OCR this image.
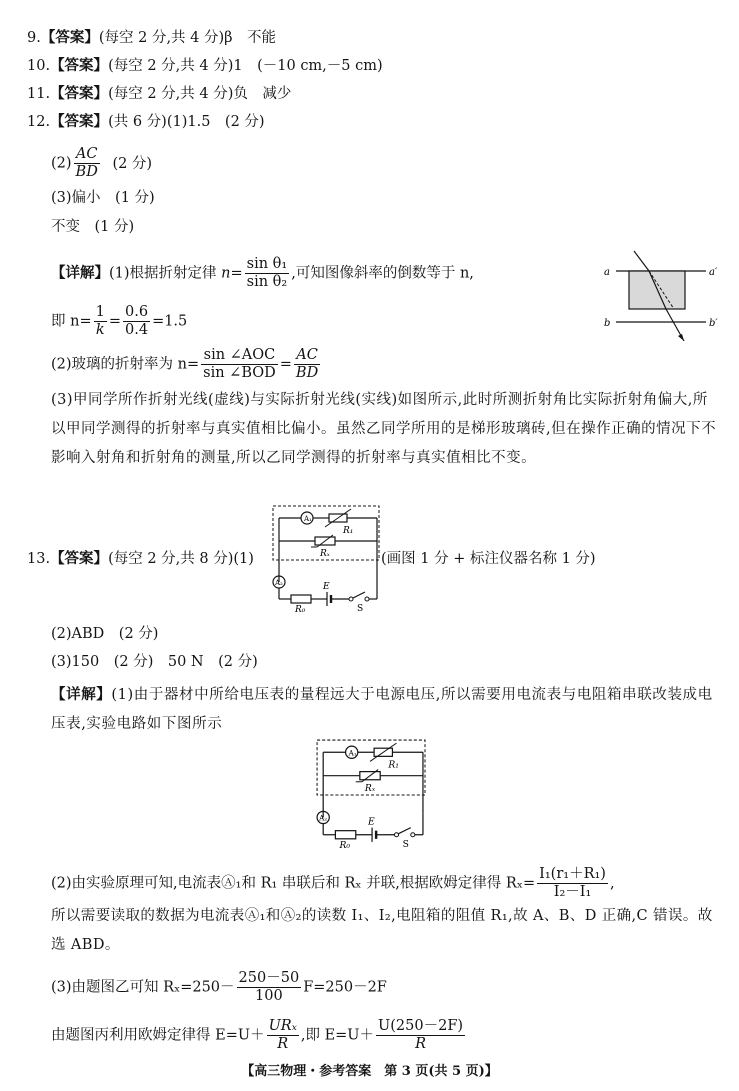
9.【答案】(每空 2 分,共 4 分)β　不能
10.【答案】(每空 2 分,共 4 分)1　(－10 cm,－5 cm)
11.【答案】(每空 2 分,共 4 分)负　减少
12.【答案】(共 6 分)(1)1.5　(2 分)
$(2) \frac{AC}{BD} (2$ 分)
(3)偏小　(1 分)
不变　(1 分)
【详解】(1)根据折射定律 $n= \frac{\text{sin θ₁}}{\text{sin θ₂}}$ ,可知图像斜率的倒数等于 n,
即 $n= \frac{1}{k} = \frac{0.6}{0.4} =1.5$
(2)玻璃的折射率为 $n= \frac{\text{sin ∠AOC}}{\text{sin ∠BOD}} = \frac{AC}{BD}$
(3)甲同学所作折射光线(虚线)与实际折射光线(实线)如图所示,此时所测折射角比实际折射角偏大,所以甲同学测得的折射率与真实值相比偏小。虽然乙同学所用的是梯形玻璃砖,但在操作正确的情况下不影响入射角和折射角的测量,所以乙同学测得的折射率与真实值相比不变。
a	a′
b	b′
13.【答案】(每空 2 分,共 8 分)(1)	(画图 1 分 + 标注仪器名称 1 分)
A₁
R₁
Rₓ
A₂
R₀
E
S
(2)ABD　(2 分)
(3)150　(2 分)　50 N　(2 分)
【详解】(1)由于器材中所给电压表的量程远大于电源电压,所以需要用电流表与电阻箱串联改装成电压表,实验电路如下图所示
A₁
R₁
Rₓ
A₂
R₀
E
S
(2)由实验原理可知,电流表Ⓐ₁和 R₁ 串联后和 Rₓ 并联,根据欧姆定律得 $R_x= \frac{\text{I₁(r₁＋R₁)}}{\text{I₂－I₁}}$ ,
所以需要读取的数据为电流表Ⓐ₁和Ⓐ₂的读数 I₁、I₂,电阻箱的阻值 R₁,故 A、B、D 正确,C 错误。故选 ABD。
(3)由题图乙可知 $R_x=250- \frac{250-50}{100} F=250-2F$
由题图丙利用欧姆定律得 $E=U+ \frac{\text{URₓ}}{R}$ ,即 $E=U+ \frac{U(250-2F)}{R}$
【高三物理・参考答案　第 3 页(共 5 页)】
